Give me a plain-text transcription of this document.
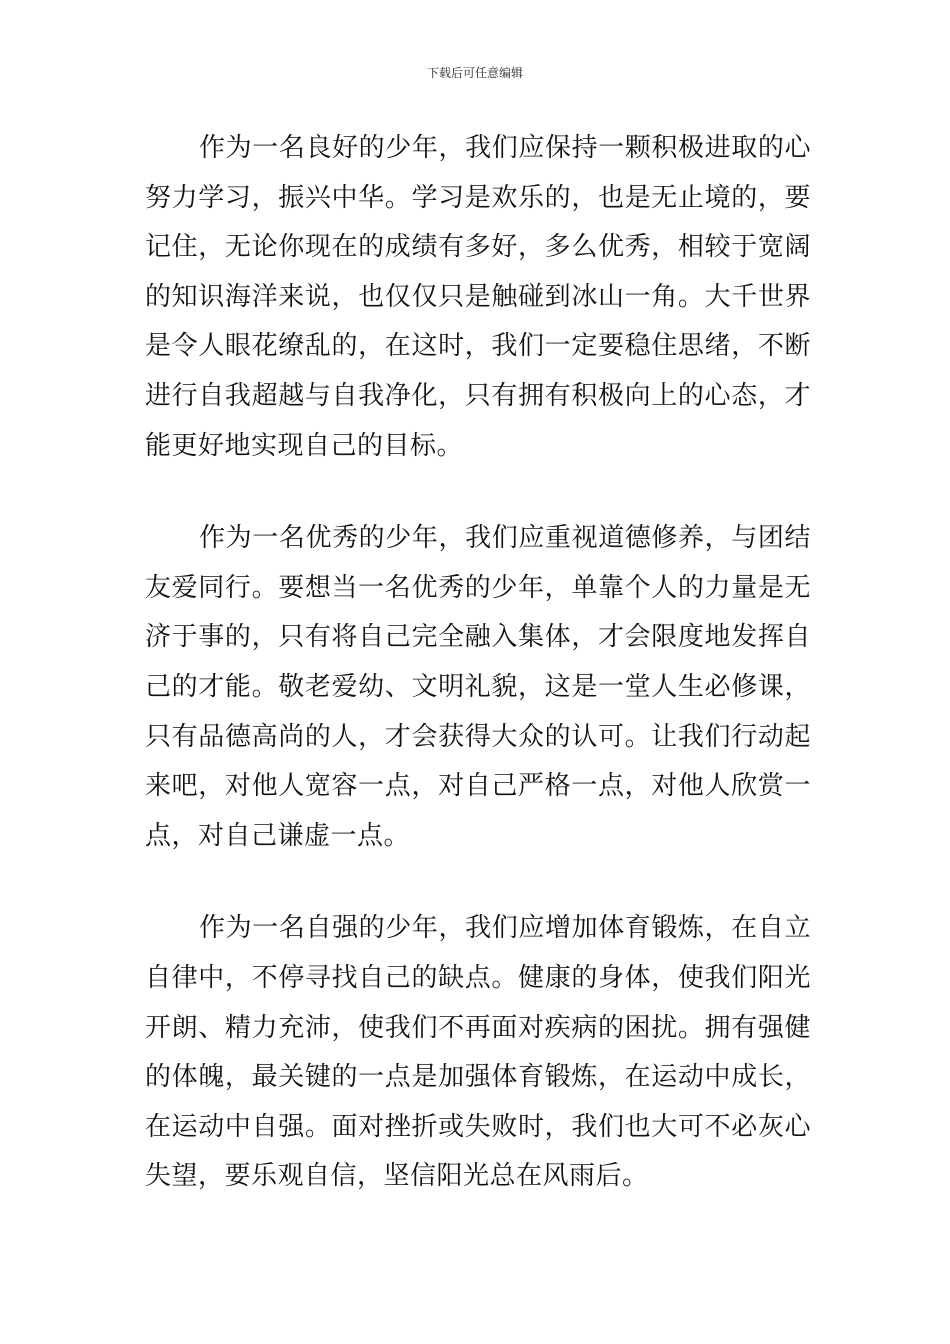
下载后可任意编辑

作为一名良好的少年，我们应保持一颗积极进取的心努力学习，振兴中华。学习是欢乐的，也是无止境的，要记住，无论你现在的成绩有多好，多么优秀，相较于宽阔的知识海洋来说，也仅仅只是触碰到冰山一角。大千世界是令人眼花缭乱的，在这时，我们一定要稳住思绪，不断进行自我超越与自我净化，只有拥有积极向上的心态，才能更好地实现自己的目标。

作为一名优秀的少年，我们应重视道德修养，与团结友爱同行。要想当一名优秀的少年，单靠个人的力量是无济于事的，只有将自己完全融入集体，才会限度地发挥自己的才能。敬老爱幼、文明礼貌，这是一堂人生必修课，只有品德高尚的人，才会获得大众的认可。让我们行动起来吧，对他人宽容一点，对自己严格一点，对他人欣赏一点，对自己谦虚一点。

作为一名自强的少年，我们应增加体育锻炼，在自立自律中，不停寻找自己的缺点。健康的身体，使我们阳光开朗、精力充沛，使我们不再面对疾病的困扰。拥有强健的体魄，最关键的一点是加强体育锻炼，在运动中成长，在运动中自强。面对挫折或失败时，我们也大可不必灰心失望，要乐观自信，坚信阳光总在风雨后。
